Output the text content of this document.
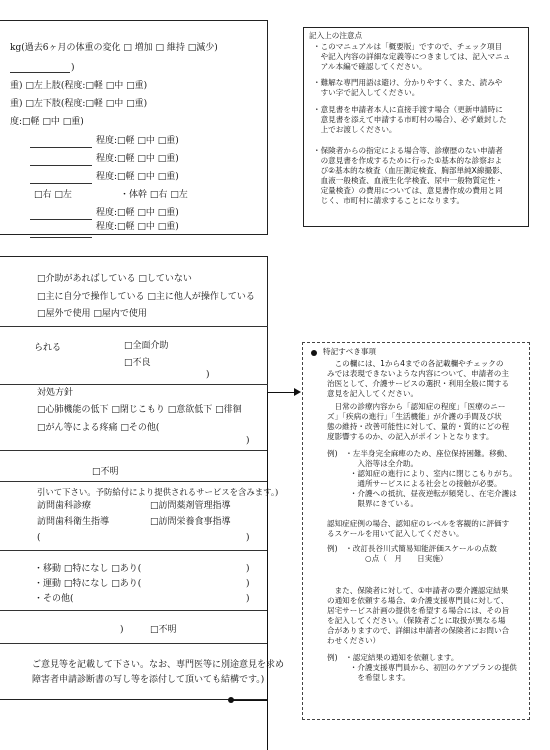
kg(過去6ヶ月の体重の変化 □ 増加 □ 維持 □減少)
)
重) □左上肢(程度:□軽 □中 □重)
重) □左下肢(程度:□軽 □中 □重)
度:□軽 □中 □重)
程度:□軽 □中 □重)
程度:□軽 □中 □重)
程度:□軽 □中 □重)
□右 □左	・体幹 □右 □左
程度:□軽 □中 □重)
程度:□軽 □中 □重)
記入上の注意点
・このマニュアルは「概要版」ですので、チェック項目
　や記入内容の詳細な定義等につきましては、記入マニュ
　アル本編で確認してください。
・難解な専門用語は避け、分かりやすく、また、読みや
　すい字で記入してください。
・意見書を申請者本人に直接手渡す場合（更新申請時に
　意見書を添えて申請する市町村の場合）、必ず厳封した
　上でお渡しください。
・保険者からの指定による場合等、診療歴のない申請者
　の意見書を作成するために行った①基本的な診察およ
　び②基本的な検査（血圧測定検査、胸部単純X線撮影、
　血液一般検査、血液生化学検査、尿中一般物質定性・
　定量検査）の費用については、意見書作成の費用と同
　じく、市町村に請求することになります。
□介助があればしている □していない
□主に自分で操作している □主に他人が操作している
□屋外で使用 □屋内で使用
られる	□全面介助
□不良
)
対処方針
□心肺機能の低下 □閉じこもり □意欲低下 □徘徊
□がん等による疼痛 □その他(
)
□不明
引いて下さい。予防給付により提供されるサービスを含みます。)
訪問歯科診療	□訪問薬剤管理指導
訪問歯科衛生指導	□訪問栄養食事指導
(	)
・移動 □特になし □あり(	)
・運動 □特になし □あり(	)
・その他(	)
)	□不明
ご意見等を記載して下さい。なお、専門医等に別途意見を求め
障害者申請診断書の写し等を添付して頂いても結構です。)
特記すべき事項
　この欄には、1から4までの各記載欄やチェックの
みでは表現できないような内容について、申請者の主
治医として、介護サービスの選択・利用全般に関する
意見を記入してください。
　日常の診療内容から「認知症の程度」「医療のニー
ズ」「疾病の進行」「生活機能」が介護の手間及び状
態の維持・改善可能性に対して、量的・質的にどの程
度影響するのか、の記入がポイントとなります。
例)　・左半身完全麻痺のため、座位保持困難。移動、
　　　　入浴等は全介助。
　　　・認知症の進行により、室内に閉じこもりがち。
　　　　通所サービスによる社会との接触が必要。
　　　・介護への抵抗、昼夜逆転が頻発し、在宅介護は
　　　　限界にきている。
認知症症例の場合、認知症のレベルを客観的に評価す
るスケールを用いて記入してください。
例)　・改訂長谷川式簡易知能評価スケールの点数
　　　　　○点（　月　　日実施）
　また、保険者に対して、①申請者の要介護認定結果
の通知を依頼する場合、②介護支援専門員に対して、
居宅サービス計画の提供を希望する場合には、その旨
を記入してください。（保険者ごとに取扱が異なる場
合がありますので、詳細は申請者の保険者にお問い合
わせください）
例)　・認定結果の通知を依頼します。
　　　・介護支援専門員から、初回のケアプランの提供
　　　　を希望します。
